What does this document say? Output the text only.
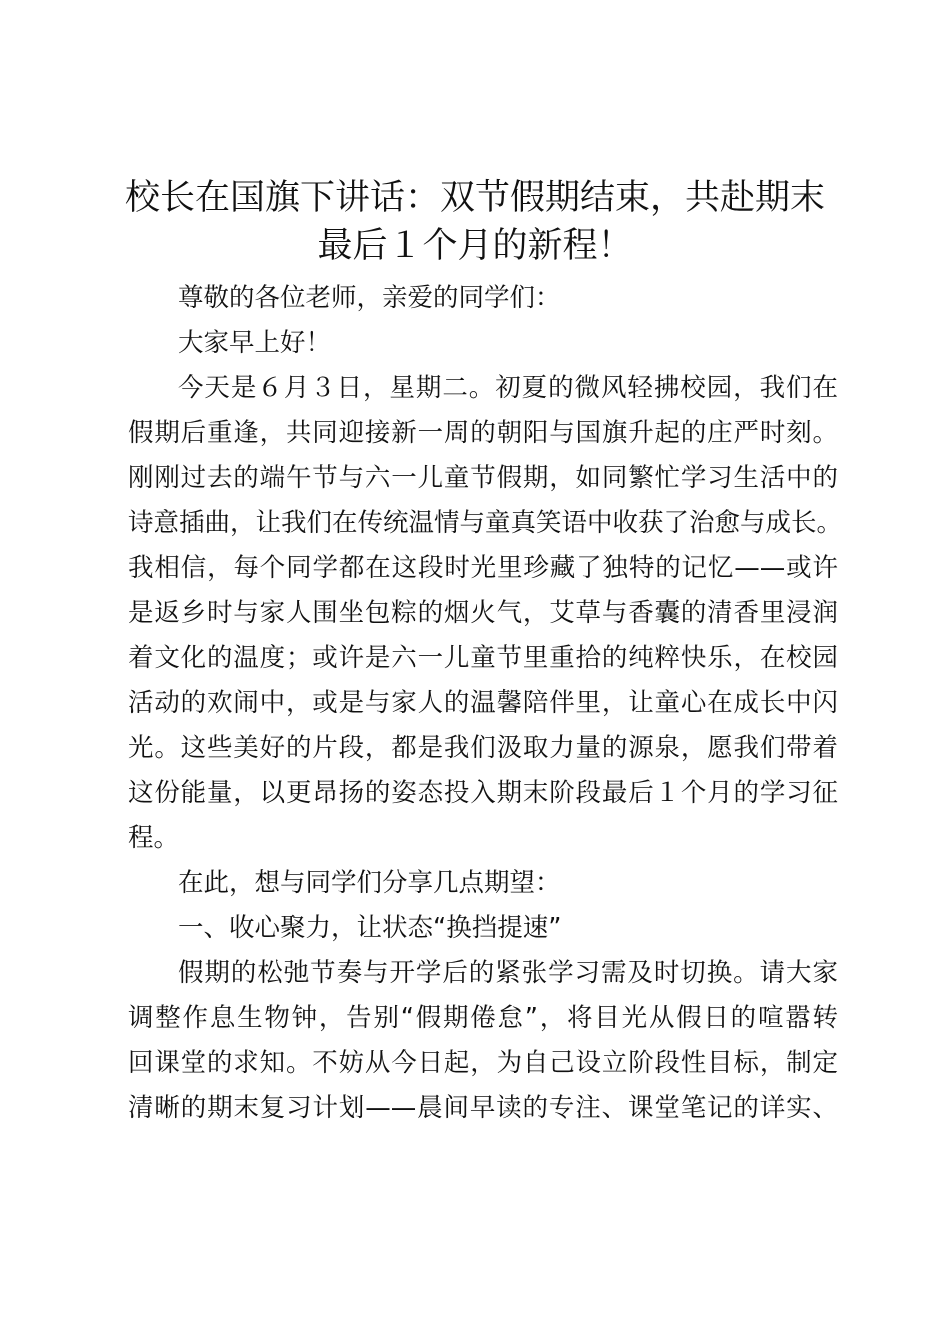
校长在国旗下讲话：双节假期结束，共赴期末
最后１个月的新程！
尊敬的各位老师，亲爱的同学们：
大家早上好！
今天是６月３日，星期二。初夏的微风轻拂校园，我们在
假期后重逢，共同迎接新一周的朝阳与国旗升起的庄严时刻。
刚刚过去的端午节与六一儿童节假期，如同繁忙学习生活中的
诗意插曲，让我们在传统温情与童真笑语中收获了治愈与成长。
我相信，每个同学都在这段时光里珍藏了独特的记忆——或许
是返乡时与家人围坐包粽的烟火气，艾草与香囊的清香里浸润
着文化的温度；或许是六一儿童节里重拾的纯粹快乐，在校园
活动的欢闹中，或是与家人的温馨陪伴里，让童心在成长中闪
光。这些美好的片段，都是我们汲取力量的源泉，愿我们带着
这份能量，以更昂扬的姿态投入期末阶段最后１个月的学习征
程。
在此，想与同学们分享几点期望：
一、收心聚力，让状态“换挡提速”
假期的松弛节奏与开学后的紧张学习需及时切换。请大家
调整作息生物钟，告别“假期倦怠”，将目光从假日的喧嚣转
回课堂的求知。不妨从今日起，为自己设立阶段性目标，制定
清晰的期末复习计划——晨间早读的专注、课堂笔记的详实、
